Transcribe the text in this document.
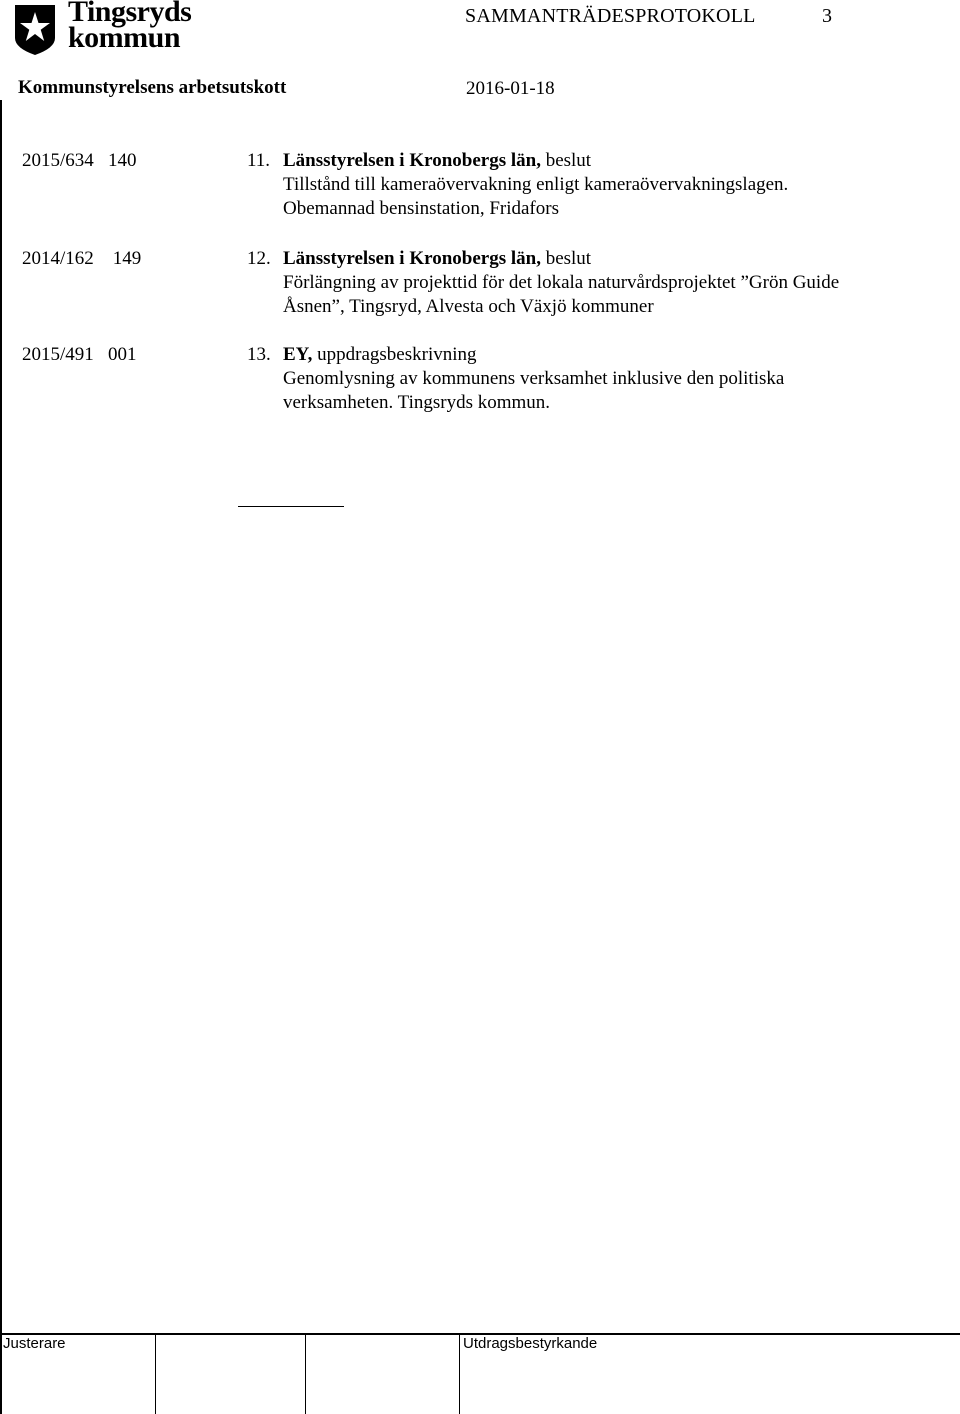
Tingsryds
kommun
SAMMANTRÄDESPROTOKOLL	3
Kommunstyrelsens arbetsutskott	2016-01-18
2015/634   140	11. Länsstyrelsen i Kronobergs län, beslut
Tillstånd till kameraövervakning enligt kameraövervakningslagen.
Obemannad bensinstation, Fridafors
2014/162    149	12. Länsstyrelsen i Kronobergs län, beslut
Förlängning av projekttid för det lokala naturvårdsprojektet ”Grön Guide
Åsnen”, Tingsryd, Alvesta och Växjö kommuner
2015/491   001	13. EY, uppdragsbeskrivning
Genomlysning av kommunens verksamhet inklusive den politiska
verksamheten. Tingsryds kommun.
Justerare	Utdragsbestyrkande
